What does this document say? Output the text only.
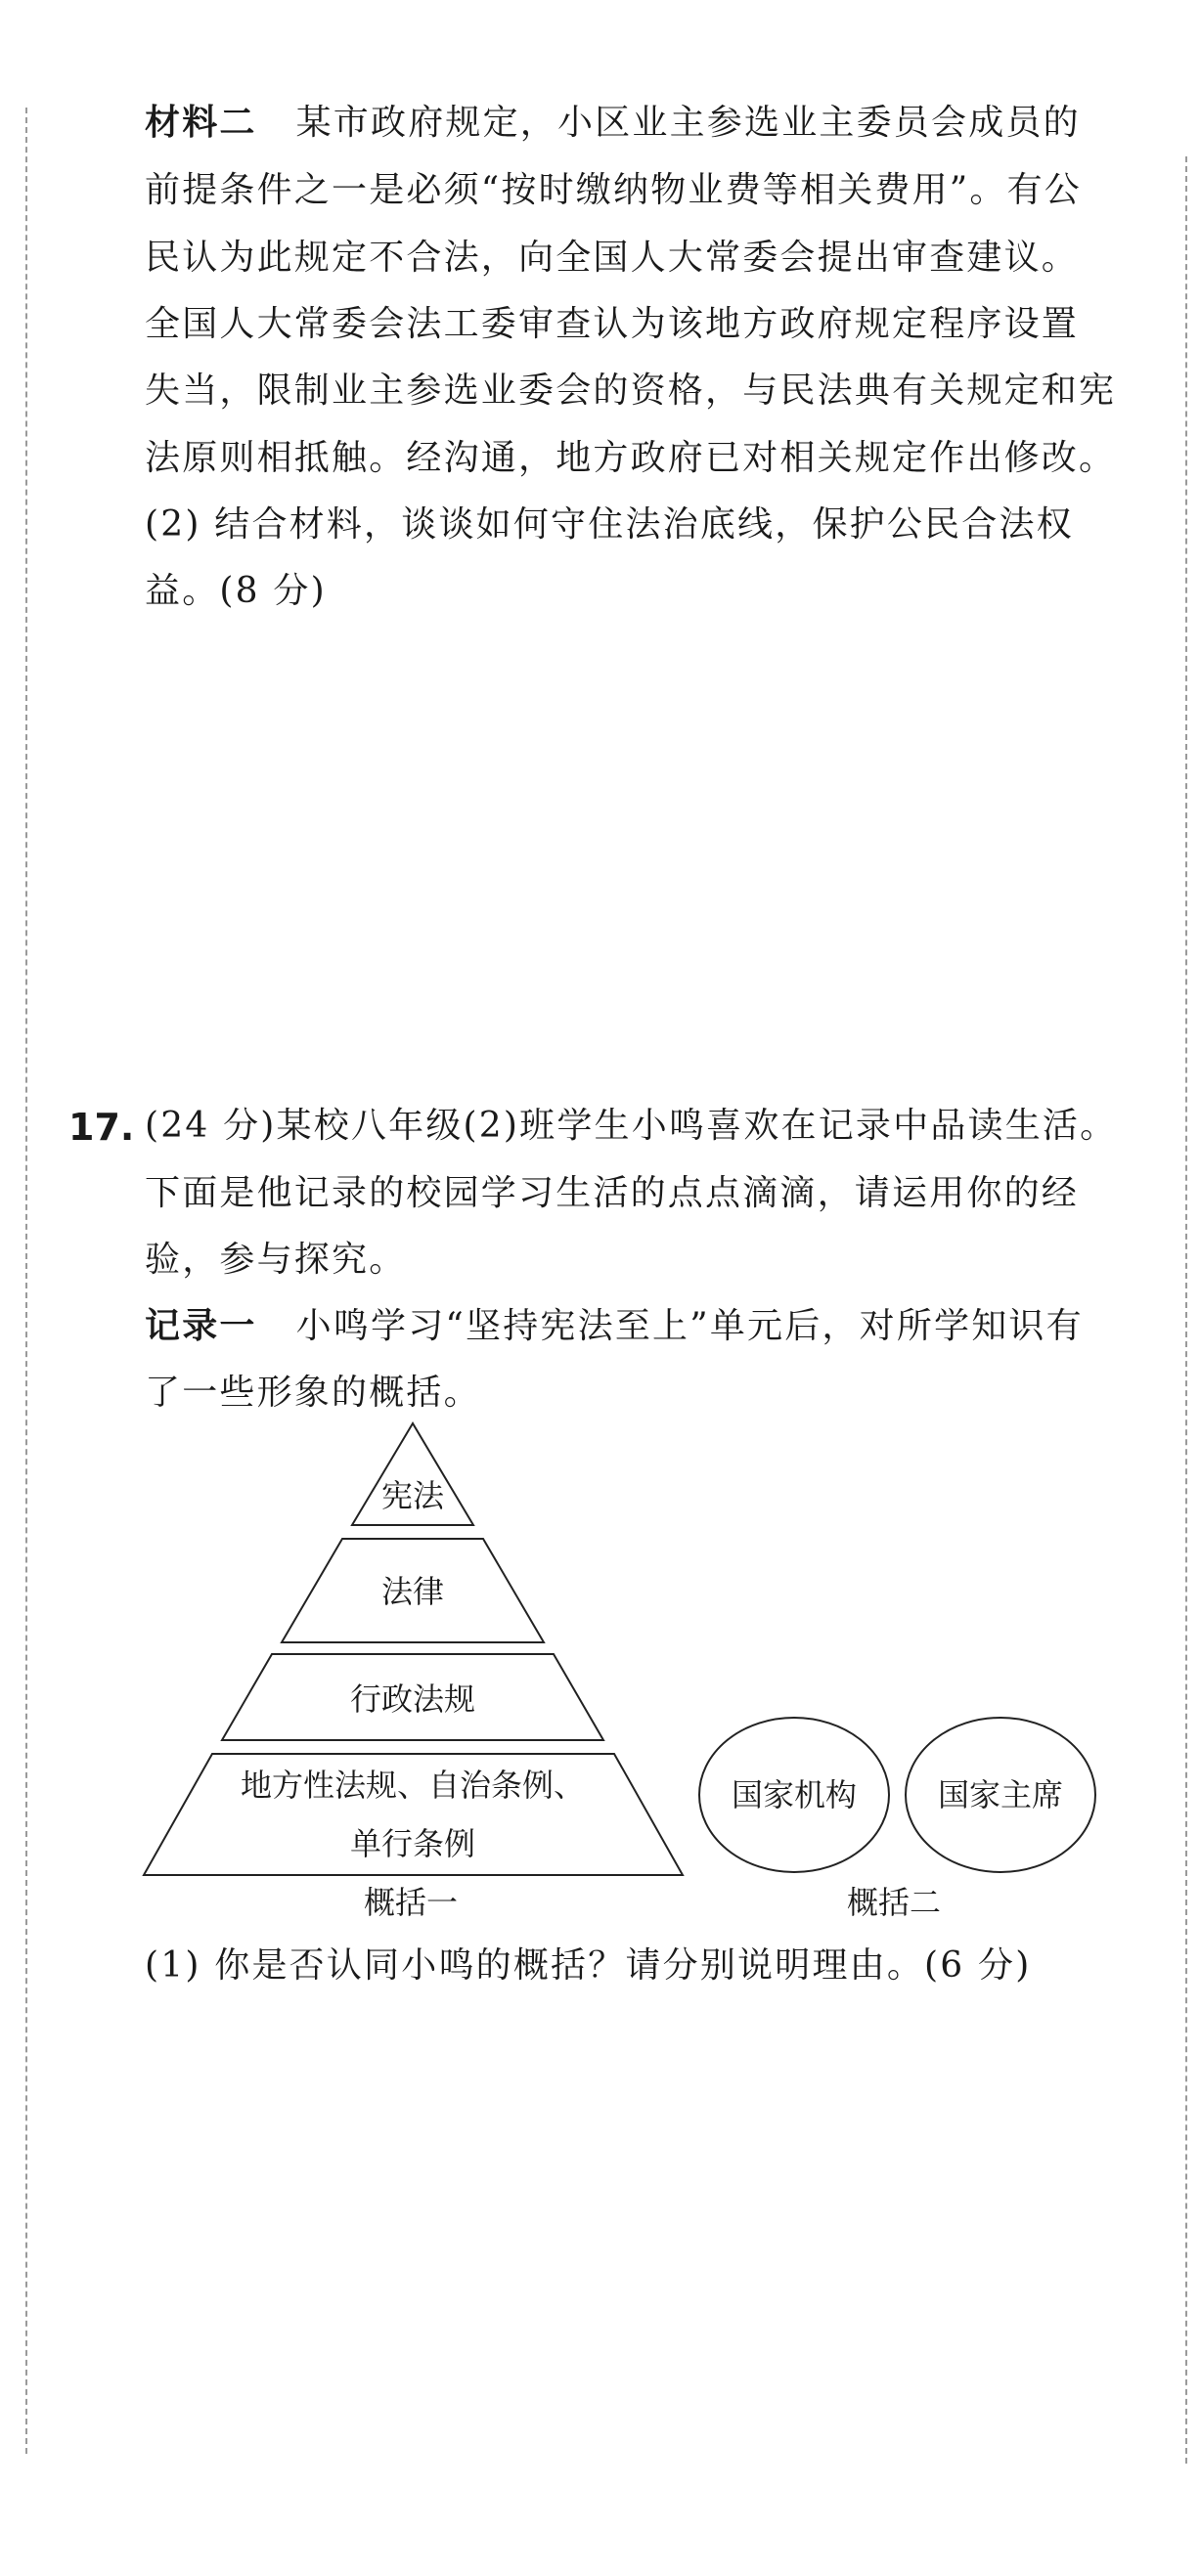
材料二 某市政府规定，小区业主参选业主委员会成员的
前提条件之一是必须“按时缴纳物业费等相关费用”。有公
民认为此规定不合法，向全国人大常委会提出审查建议。
全国人大常委会法工委审查认为该地方政府规定程序设置
失当，限制业主参选业委会的资格，与民法典有关规定和宪
法原则相抵触。经沟通，地方政府已对相关规定作出修改。
(2) 结合材料，谈谈如何守住法治底线，保护公民合法权
益。(8 分)
17. (24 分)某校八年级(2)班学生小鸣喜欢在记录中品读生活。
下面是他记录的校园学习生活的点点滴滴，请运用你的经
验，参与探究。
记录一 小鸣学习“坚持宪法至上”单元后，对所学知识有
了一些形象的概括。
宪法
法律
行政法规
地方性法规、自治条例、
单行条例
国家机构	国家主席
概括一	概括二
(1) 你是否认同小鸣的概括？请分别说明理由。(6 分)
